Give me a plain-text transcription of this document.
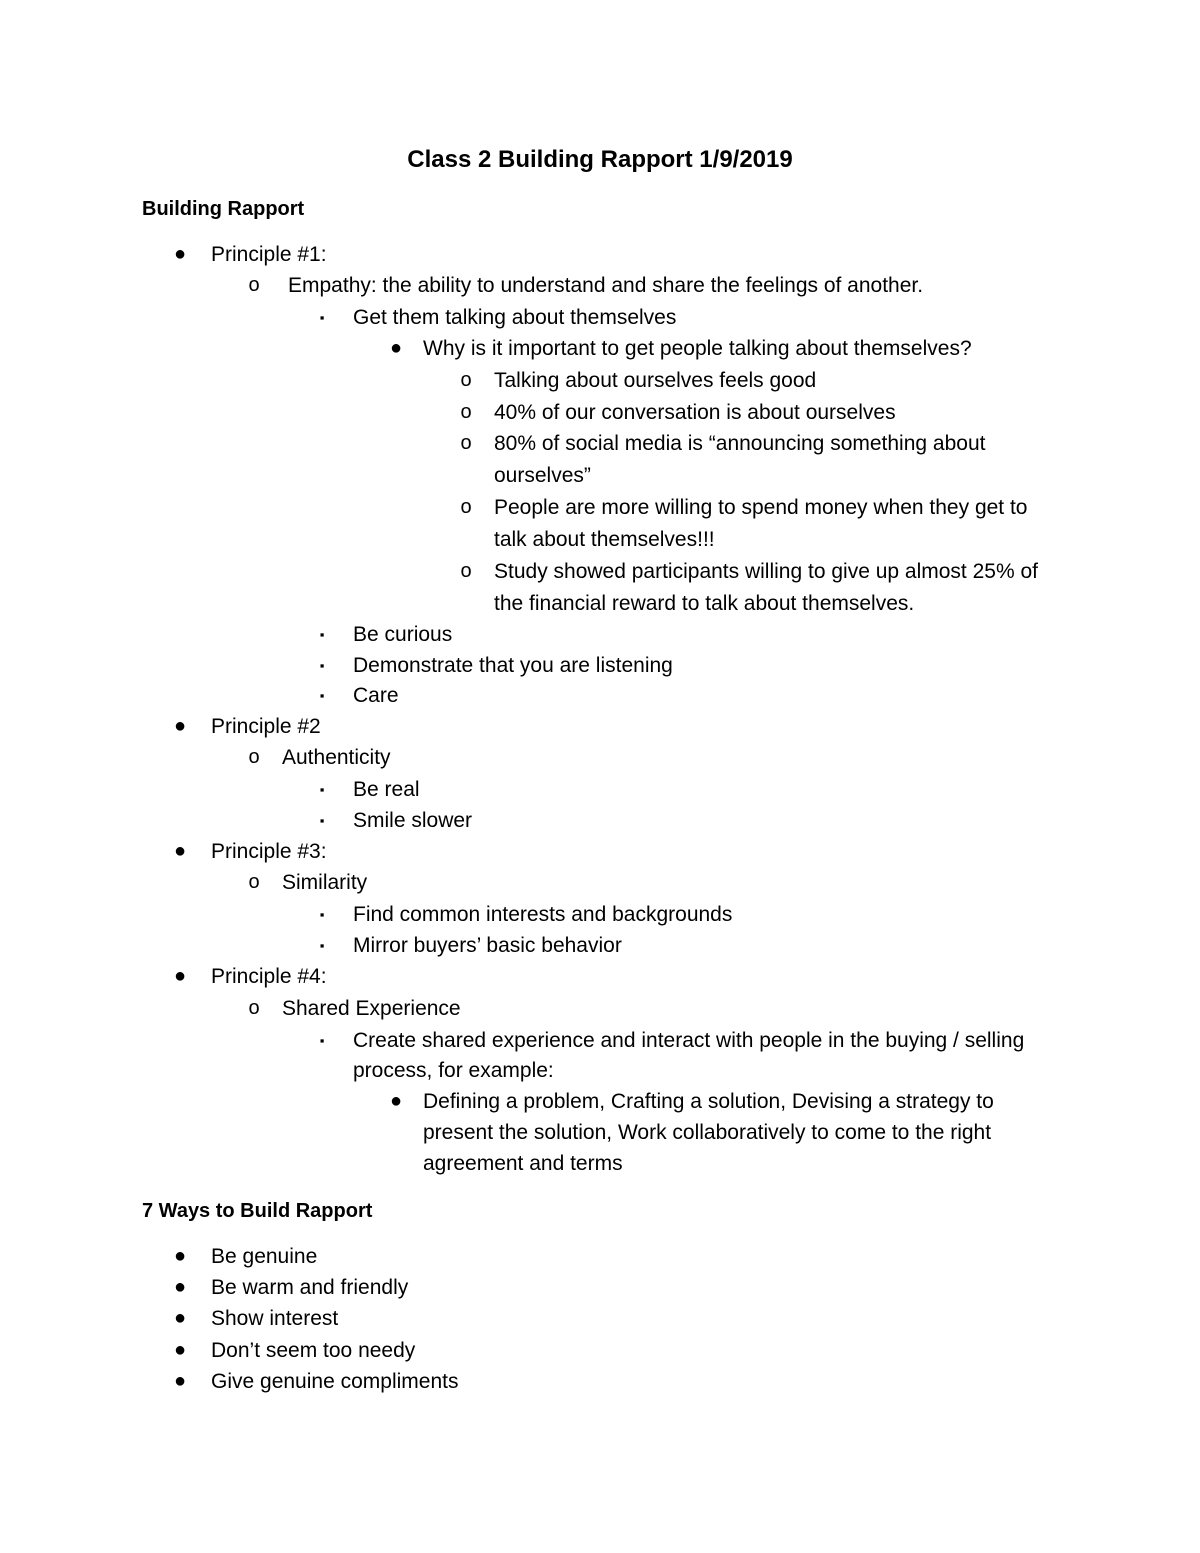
Class 2 Building Rapport 1/9/2019
Building Rapport
● Principle #1:
o Empathy: the ability to understand and share the feelings of another.
▪ Get them talking about themselves
● Why is it important to get people talking about themselves?
o Talking about ourselves feels good
o 40% of our conversation is about ourselves
o 80% of social media is “announcing something about
ourselves”
o People are more willing to spend money when they get to
talk about themselves!!!
o Study showed participants willing to give up almost 25% of
the financial reward to talk about themselves.
▪ Be curious
▪ Demonstrate that you are listening
▪ Care
● Principle #2
o Authenticity
▪ Be real
▪ Smile slower
● Principle #3:
o Similarity
▪ Find common interests and backgrounds
▪ Mirror buyers’ basic behavior
● Principle #4:
o Shared Experience
▪ Create shared experience and interact with people in the buying / selling
process, for example:
● Defining a problem, Crafting a solution, Devising a strategy to
present the solution, Work collaboratively to come to the right
agreement and terms
7 Ways to Build Rapport
● Be genuine
● Be warm and friendly
● Show interest
● Don’t seem too needy
● Give genuine compliments
